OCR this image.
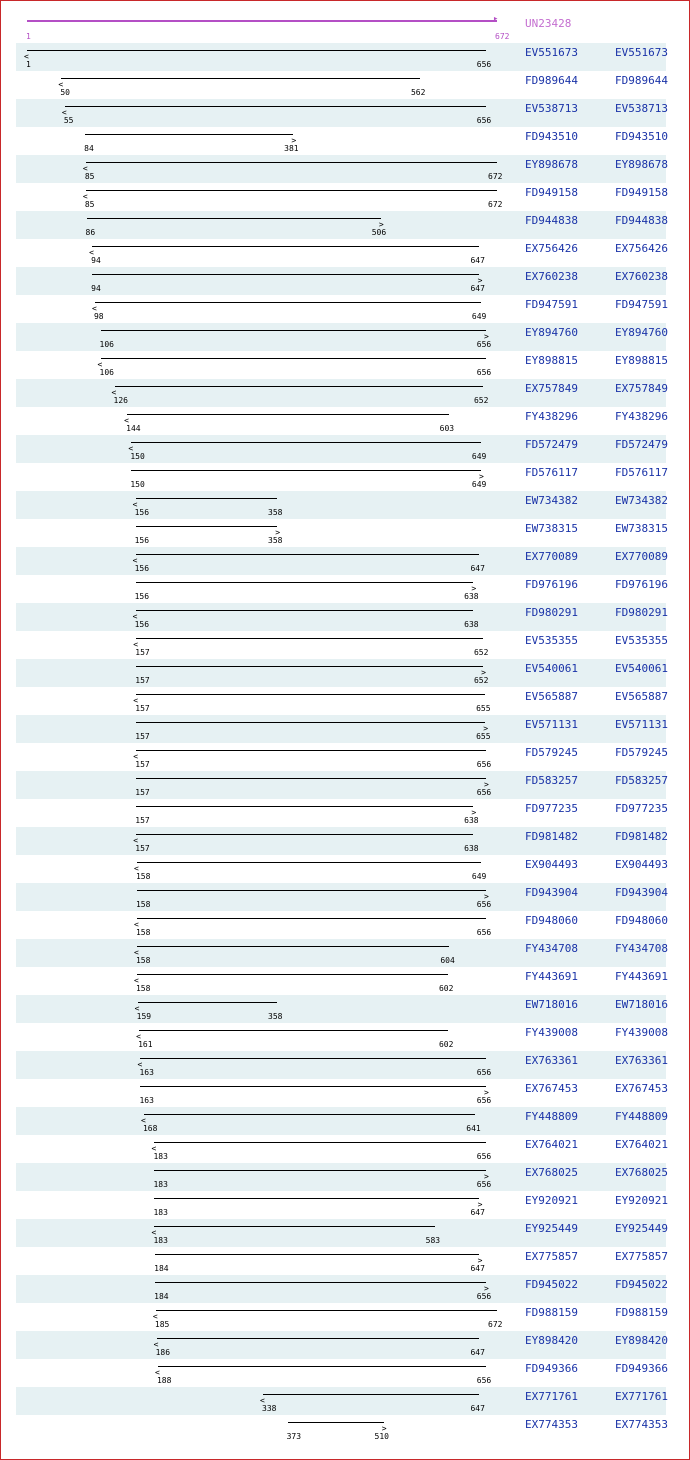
▸
1	672
UN23428
<
1	656
EV551673	EV551673
<
50	562
FD989644	FD989644
<
55	656
EV538713	EV538713
>
84	381
FD943510	FD943510
<
85	672
EY898678	EY898678
<
85	672
FD949158	FD949158
>
86	506
FD944838	FD944838
<
94	647
EX756426	EX756426
>
94	647
EX760238	EX760238
<
98	649
FD947591	FD947591
>
106	656
EY894760	EY894760
<
106	656
EY898815	EY898815
<
126	652
EX757849	EX757849
<
144	603
FY438296	FY438296
<
150	649
FD572479	FD572479
>
150	649
FD576117	FD576117
<
156	358
EW734382	EW734382
>
156	358
EW738315	EW738315
<
156	647
EX770089	EX770089
>
156	638
FD976196	FD976196
<
156	638
FD980291	FD980291
<
157	652
EV535355	EV535355
>
157	652
EV540061	EV540061
<
157	655
EV565887	EV565887
>
157	655
EV571131	EV571131
<
157	656
FD579245	FD579245
>
157	656
FD583257	FD583257
>
157	638
FD977235	FD977235
<
157	638
FD981482	FD981482
<
158	649
EX904493	EX904493
>
158	656
FD943904	FD943904
<
158	656
FD948060	FD948060
<
158	604
FY434708	FY434708
<
158	602
FY443691	FY443691
<
159	358
EW718016	EW718016
<
161	602
FY439008	FY439008
<
163	656
EX763361	EX763361
>
163	656
EX767453	EX767453
<
168	641
FY448809	FY448809
<
183	656
EX764021	EX764021
>
183	656
EX768025	EX768025
>
183	647
EY920921	EY920921
<
183	583
EY925449	EY925449
>
184	647
EX775857	EX775857
>
184	656
FD945022	FD945022
<
185	672
FD988159	FD988159
<
186	647
EY898420	EY898420
<
188	656
FD949366	FD949366
<
338	647
EX771761	EX771761
>
373	510
EX774353	EX774353
